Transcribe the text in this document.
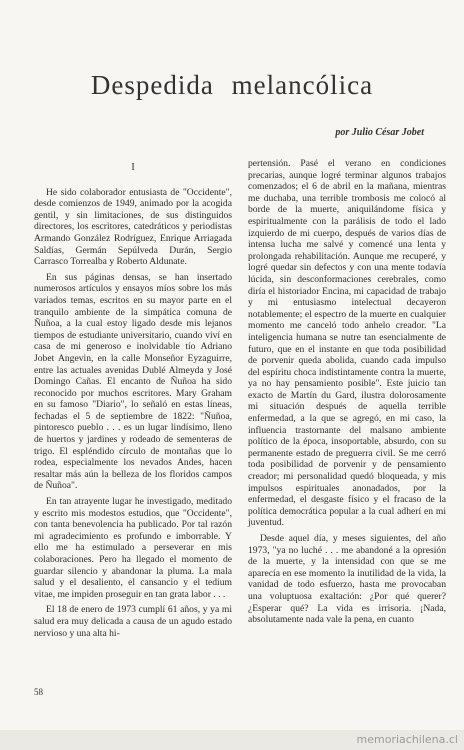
Despedida melancólica
por Julio César Jobet
I

He sido colaborador entusiasta de "Occidente", desde comienzos de 1949, animado por la acogida gentil, y sin limitaciones, de sus distinguidos directores, los escritores, catedráticos y periodistas Armando González Rodríguez, Enrique Arriagada Saldías, Germán Sepúlveda Durán, Sergio Carrasco Torrealba y Roberto Aldunate.

En sus páginas densas, se han insertado numerosos artículos y ensayos míos sobre los más variados temas, escritos en su mayor parte en el tranquilo ambiente de la simpática comuna de Ñuñoa, a la cual estoy ligado desde mis lejanos tiempos de estudiante universitario, cuando viví en casa de mi generoso e inolvidable tío Adriano Jobet Angevin, en la calle Monseñor Eyzaguirre, entre las actuales avenidas Dublé Almeyda y José Domingo Cañas. El encanto de Ñuñoa ha sido reconocido por muchos escritores. Mary Graham en su famoso "Diario", lo señaló en estas líneas, fechadas el 5 de septiembre de 1822: "Ñuñoa, pintoresco pueblo . . . es un lugar lindísimo, lleno de huertos y jardines y rodeado de sementeras de trigo. El espléndido círculo de montañas que lo rodea, especialmente los nevados Andes, hacen resaltar más aún la belleza de los floridos campos de Ñuñoa".

En tan atrayente lugar he investigado, meditado y escrito mis modestos estudios, que "Occidente", con tanta benevolencia ha publicado. Por tal razón mi agradecimiento es profundo e imborrable. Y ello me ha estimulado a perseverar en mis colaboraciones. Pero ha llegado el momento de guardar silencio y abandonar la pluma. La mala salud y el desaliento, el cansancio y el tedium vitae, me impiden proseguir en tan grata labor . . .

El 18 de enero de 1973 cumplí 61 años, y ya mi salud era muy delicada a causa de un agudo estado nervioso y una alta hi-

pertensión. Pasé el verano en condiciones precarias, aunque logré terminar algunos trabajos comenzados; el 6 de abril en la mañana, mientras me duchaba, una terrible trombosis me colocó al borde de la muerte, aniquilándome física y espiritualmente con la parálisis de todo el lado izquierdo de mi cuerpo, después de varios días de intensa lucha me salvé y comencé una lenta y prolongada rehabilitación. Aunque me recuperé, y logré quedar sin defectos y con una mente todavía lúcida, sin desconformaciones cerebrales, como diría el historiador Encina, mi capacidad de trabajo y mi entusiasmo intelectual decayeron notablemente; el espectro de la muerte en cualquier momento me canceló todo anhelo creador. "La inteligencia humana se nutre tan esencialmente de futuro, que en el instante en que toda posibilidad de porvenir queda abolida, cuando cada impulso del espíritu choca indistintamente contra la muerte, ya no hay pensamiento posible". Este juicio tan exacto de Martín du Gard, ilustra dolorosamente mi situación después de aquella terrible enfermedad, a la que se agregó, en mi caso, la influencia trastornante del malsano ambiente político de la época, insoportable, absurdo, con su permanente estado de preguerra civil. Se me cerró toda posibilidad de porvenir y de pensamiento creador; mi personalidad quedó bloqueada, y mis impulsos espirituales anonadados, por la enfermedad, el desgaste físico y el fracaso de la política democrática popular a la cual adherí en mi juventud.

Desde aquel día, y meses siguientes, del año 1973, "ya no luché . . . me abandoné a la opresión de la muerte, y la intensidad con que se me aparecía en ese momento la inutilidad de la vida, la vanidad de todo esfuerzo, hasta me provocaban una voluptuosa exaltación: ¿Por qué querer? ¿Esperar qué? La vida es irrisoria. ¡Nada, absolutamente nada vale la pena, en cuanto

58
memoriachilena.cl
